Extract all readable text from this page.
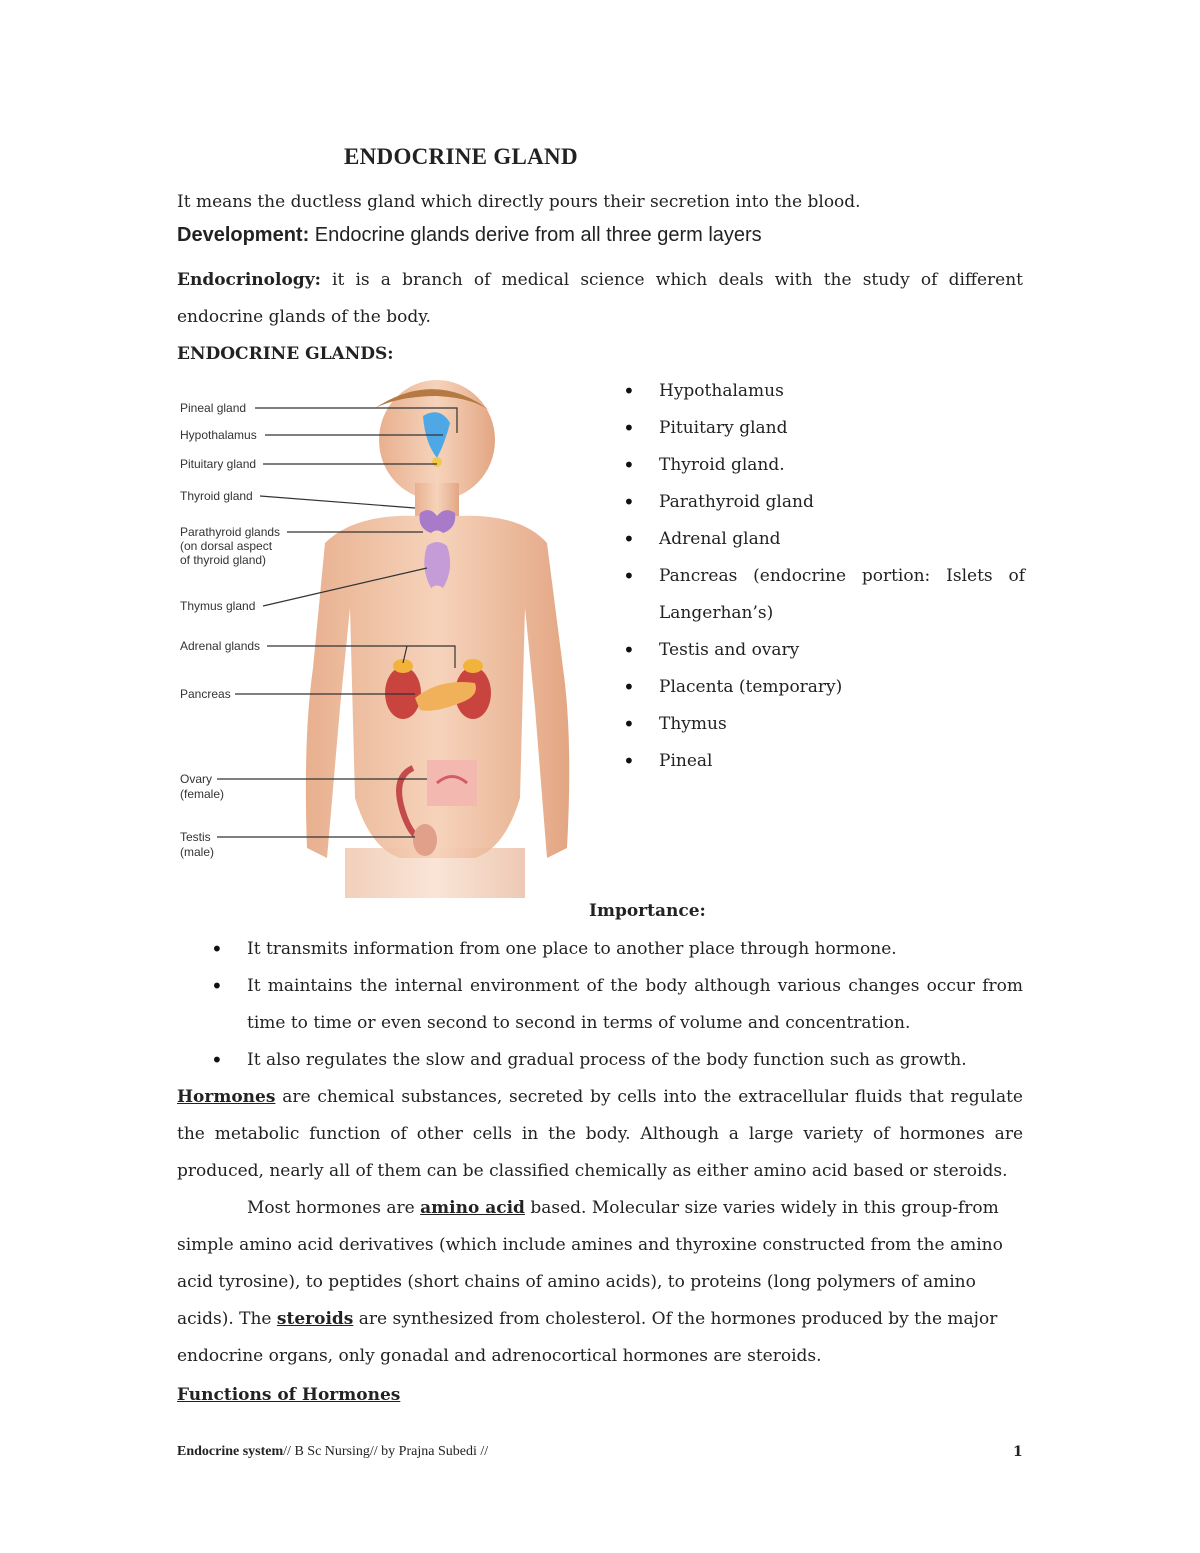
ENDOCRINE GLAND
It means the ductless gland which directly pours their secretion into the blood.
Development: Endocrine glands derive from all three germ layers
Endocrinology: it is a branch of medical science which deals with the study of different endocrine glands of the body.
ENDOCRINE GLANDS:
Pineal gland
Hypothalamus
Pituitary gland
Thyroid gland
Parathyroid glands
(on dorsal aspect
of thyroid gland)
Thymus gland
Adrenal glands
Pancreas
Ovary
(female)
Testis
(male)
• Hypothalamus
• Pituitary gland
• Thyroid gland.
• Parathyroid gland
• Adrenal gland
• Pancreas (endocrine portion: Islets of Langerhan’s)
• Testis and ovary
• Placenta (temporary)
• Thymus
• Pineal
Importance:
• It transmits information from one place to another place through hormone.
• It maintains the internal environment of the body although various changes occur from time to time or even second to second in terms of volume and concentration.
• It also regulates the slow and gradual process of the body function such as growth.
Hormones are chemical substances, secreted by cells into the extracellular fluids that regulate the metabolic function of other cells in the body. Although a large variety of hormones are produced, nearly all of them can be classified chemically as either amino acid based or steroids.
Most hormones are amino acid based. Molecular size varies widely in this group-from simple amino acid derivatives (which include amines and thyroxine constructed from the amino acid tyrosine), to peptides (short chains of amino acids), to proteins (long polymers of amino acids). The steroids are synthesized from cholesterol. Of the hormones produced by the major endocrine organs, only gonadal and adrenocortical hormones are steroids.
Functions of Hormones
Endocrine system// B Sc Nursing// by Prajna Subedi //	1
